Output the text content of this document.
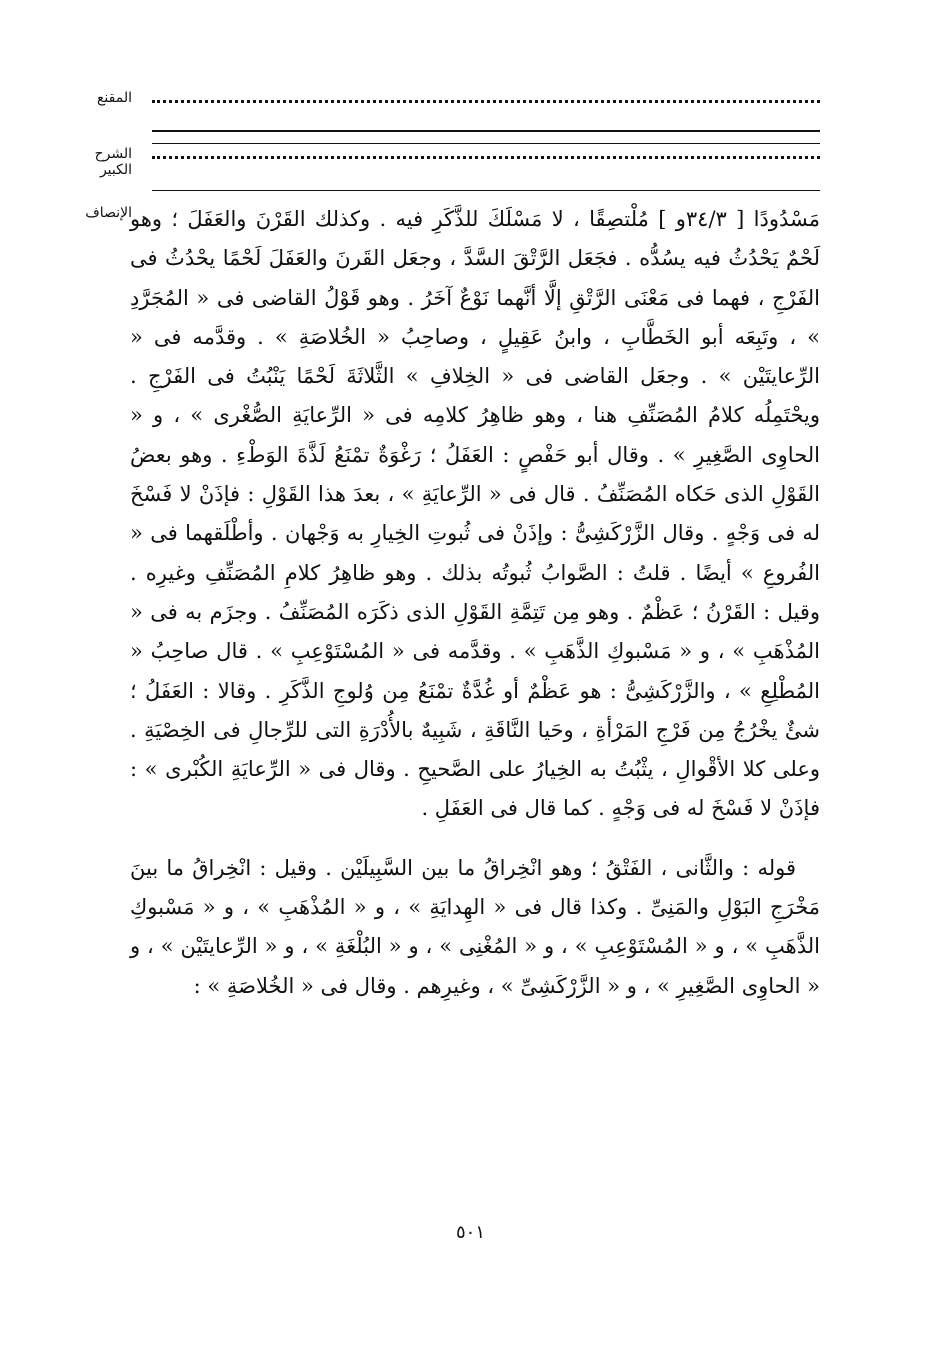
المقنع
الشرح الكبير
الإنصاف

مَسْدُودًا [ ٣٤/٣و ] مُلْتصِقًا ، لا مَسْلَكَ للذَّكَرِ فيه . وكذلك القَرْنَ والعَفَلَ ؛ وهو لَحْمٌ يَحْدُثُ فيه يسُدُّه . فجَعَل الرَّتْقَ السَّدَّ ، وجعَل القَرنَ والعَفَلَ لَحْمًا يحْدُثُ فى الفَرْجِ ، فهما فى مَعْنَى الرَّتْقِ إلَّا أنَّهما نَوْعٌ آخَرُ . وهو قَوْلُ القاضى فى « المُجَرَّدِ » ، وتَبِعَه أبو الخَطَّابِ ، وابنُ عَقِيلٍ ، وصاحِبُ « الخُلاصَةِ » . وقدَّمه فى « الرِّعايتَيْن » . وجعَل القاضى فى « الخِلافِ » الثَّلاثَةَ لَحْمًا يَنْبُتُ فى الفَرْجِ . ويحْتَمِلُه كلامُ المُصَنِّفِ هنا ، وهو ظاهِرُ كلامِه فى « الرِّعايَةِ الصُّغْرى » ، و « الحاوِى الصَّغِيرِ » . وقال أبو حَفْصٍ : العَفَلُ ؛ رَغْوَةٌ تمْنَعُ لَذَّةَ الوَطْءِ . وهو بعضُ القَوْلِ الذى حَكاه المُصَنِّفُ . قال فى « الرِّعايَةِ » ، بعدَ هذا القَوْلِ : فإذَنْ لا فَسْخَ له فى وَجْهٍ . وقال الزَّرْكَشِىُّ : وإذَنْ فى ثُبوتِ الخِيارِ به وَجْهان . وأطْلَقهما فى « الفُروعِ » أيضًا . قلتُ : الصَّوابُ ثُبوتُه بذلك . وهو ظاهِرُ كلامِ المُصَنِّفِ وغيرِه . وقيل : القَرْنُ ؛ عَظْمٌ . وهو مِن تَتِمَّةِ القَوْلِ الذى ذكَرَه المُصَنِّفُ . وجزَم به فى « المُذْهَبِ » ، و « مَسْبوكِ الذَّهَبِ » . وقدَّمه فى « المُسْتَوْعِبِ » . قال صاحِبُ « المُطْلِعِ » ، والزَّرْكَشِىُّ : هو عَظْمٌ أو غُدَّةٌ تمْنَعُ مِن وُلوجِ الذَّكَرِ . وقالا : العَفَلُ ؛ شئٌ يخْرُجُ مِن فَرْجِ المَرْأةِ ، وحَيا النَّاقَةِ ، شَبِيهٌ بالأُدْرَةِ التى للرِّجالِ فى الخِصْيَةِ . وعلى كلا الأقْوالِ ، يثْبُتُ به الخِيارُ على الصَّحيحِ . وقال فى « الرِّعايَةِ الكُبْرى » : فإذَنْ لا فَسْخَ له فى وَجْهٍ . كما قال فى العَفَلِ .

قوله : والثَّانى ، الفَتْقُ ؛ وهو انْخِراقُ ما بين السَّبِيلَيْن . وقيل : انْخِراقُ ما بينَ مَخْرَجِ البَوْلِ والمَنِىِّ . وكذا قال فى « الهِدايَةِ » ، و « المُذْهَبِ » ، و « مَسْبوكِ الذَّهَبِ » ، و « المُسْتَوْعِبِ » ، و « المُغْنِى » ، و « البُلْغَةِ » ، و « الرِّعايتَيْن » ، و « الحاوِى الصَّغِيرِ » ، و « الزَّرْكَشِىِّ » ، وغيرِهم . وقال فى « الخُلاصَةِ » :

٥٠١
